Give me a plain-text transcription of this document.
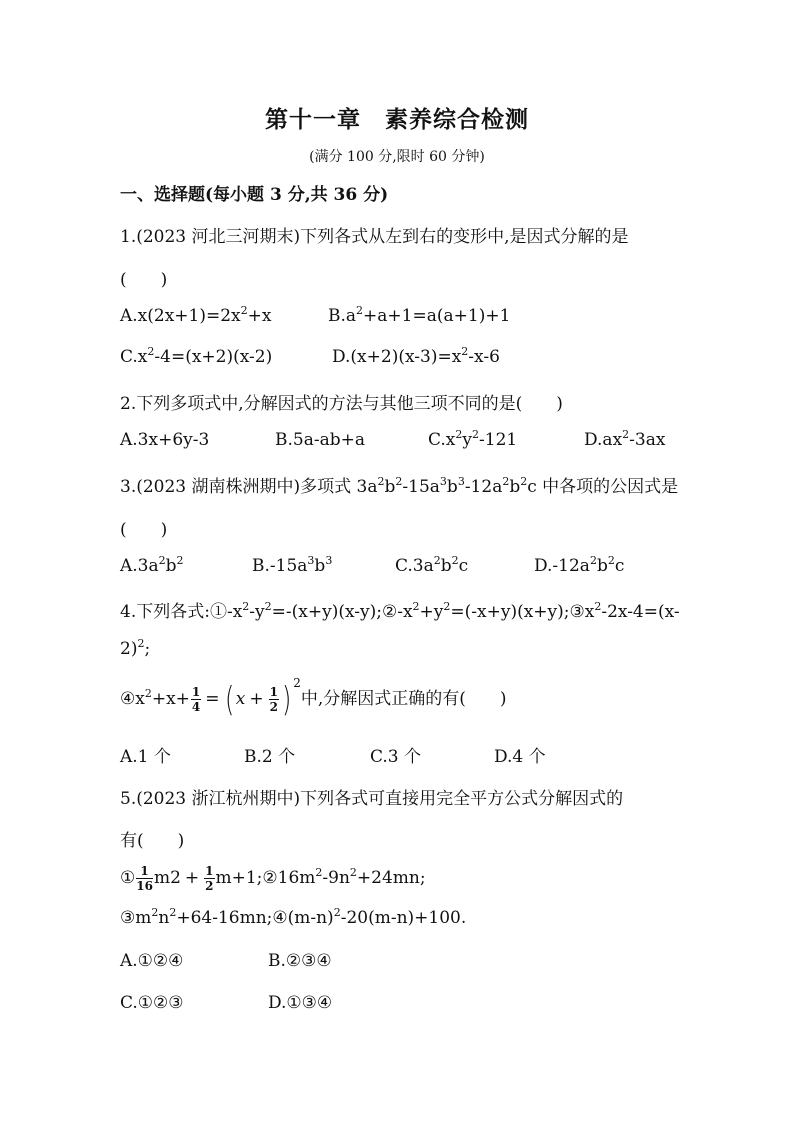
第十一章　素养综合检测
(满分 100 分,限时 60 分钟)
一、选择题(每小题 3 分,共 36 分)
1.(2023 河北三河期末)下列各式从左到右的变形中,是因式分解的是
(　　)
$A.x(2x+1)=2x^2+x$	$B.a^2+a+1=a(a+1)+1$
$C.x^2-4=(x+2)(x-2)$	$D.(x+2)(x-3)=x^2-x-6$
2.下列多项式中,分解因式的方法与其他三项不同的是(　　)
A.3x+6y-3	B.5a-ab+a	$C.x^2y^2-121$	$D.ax^2-3ax$
3.(2023 湖南株洲期中)多项式 $3a^2b^2-15a^3b^3-12a^2b^2c$ 中各项的公因式是
(　　)
$A.3a^2b^2$	$B.-15a^3b^3$	$C.3a^2b^2c$	$D.-12a^2b^2c$
4.下列各式$:①-x^2-y^2=-(x+y)(x-y);②-x^2+y^2=(-x+y)(x+y);③x^2-2x-4=(x-$
2)$^2$;
$④x^2+x+ \frac{1}{4}$ = ( $x + \frac{1}{2}$ ) $^2$中,分解因式正确的有(　　)
A.1 个	B.2 个	C.3 个	D.4 个
5.(2023 浙江杭州期中)下列各式可直接用完全平方公式分解因式的
有(　　)
① $\frac{1}{16} m2 + \frac{1}{2}$ $m+1;②16m^2-9n^2+24mn$;
$③m^2n^2+64-16mn;④(m-n)^2-20(m-n)+100$.
A.①②④	B.②③④
C.①②③	D.①③④
